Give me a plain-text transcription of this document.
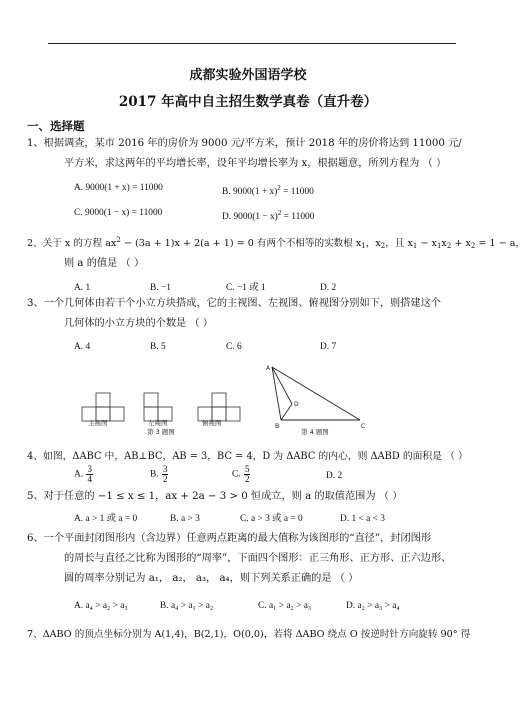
成都实验外国语学校
2017 年高中自主招生数学真卷（直升卷）
一、选择题
1、根据调查，某市 2016 年的房价为 9000 元/平方米，预计 2018 年的房价将达到 11000 元/
平方米，求这两年的平均增长率，设年平均增长率为 x，根据题意，所列方程为 （ ）
A. 9000(1 + x) = 11000	B. $9000(1 + x)^2 = 11000$
C. 9000(1 − x) = 11000	D. $9000(1 - x)^2 = 11000$
2、关于 x 的方程 $ax^2 - (3a + 1)x + 2(a + 1) = 0$ 有两个不相等的实数根 $x_1$，$x_2$，且 $x_1 - x_1x_2 + x_2 = 1 - a$，
则 a 的值是 （ ）
A. 1	B. −1	C. −1 或 1	D. 2
3、一个几何体由若干个小立方块搭成，它的主视图、左视图、俯视图分别如下，则搭建这个
几何体的小立方块的个数是 （ ）
A. 4	B. 5	C. 6	D. 7
主视图	左视图	俯视图
第 3 题图
A
B	C
D
第 4 题图
4、如图，ΔABC 中，AB⊥BC，AB = 3，BC = 4，D 为 ΔABC 的内心，则 ΔABD 的面积是 （ ）
A. $\frac{3}{4}$	B. $\frac{3}{2}$	C. $\frac{5}{2}$	D. 2
5、对于任意的 −1 ≤ x ≤ 1，ax + 2a − 3 > 0 恒成立，则 a 的取值范围为 （ ）
A. a > 1 或 a = 0	B. a > 3	C. a > 3 或 a = 0	D. 1 < a < 3
6、一个平面封闭图形内（含边界）任意两点距离的最大值称为该图形的“直径”，封闭图形
的周长与直径之比称为图形的“周率”，下面四个图形：正三角形、正方形、正六边形、
圆的周率分别记为 a₁， a₂， a₃， a₄，则下列关系正确的是 （ ）
A. a₄ > a₂ > a₃	B. a₄ > a₁ > a₂	C. a₁ > a₂ > a₃	D. a₂ > a₃ > a₄
7、ΔABO 的顶点坐标分别为 A(1,4)，B(2,1)，O(0,0)，若将 ΔABO 绕点 O 按逆时针方向旋转 90° 得
